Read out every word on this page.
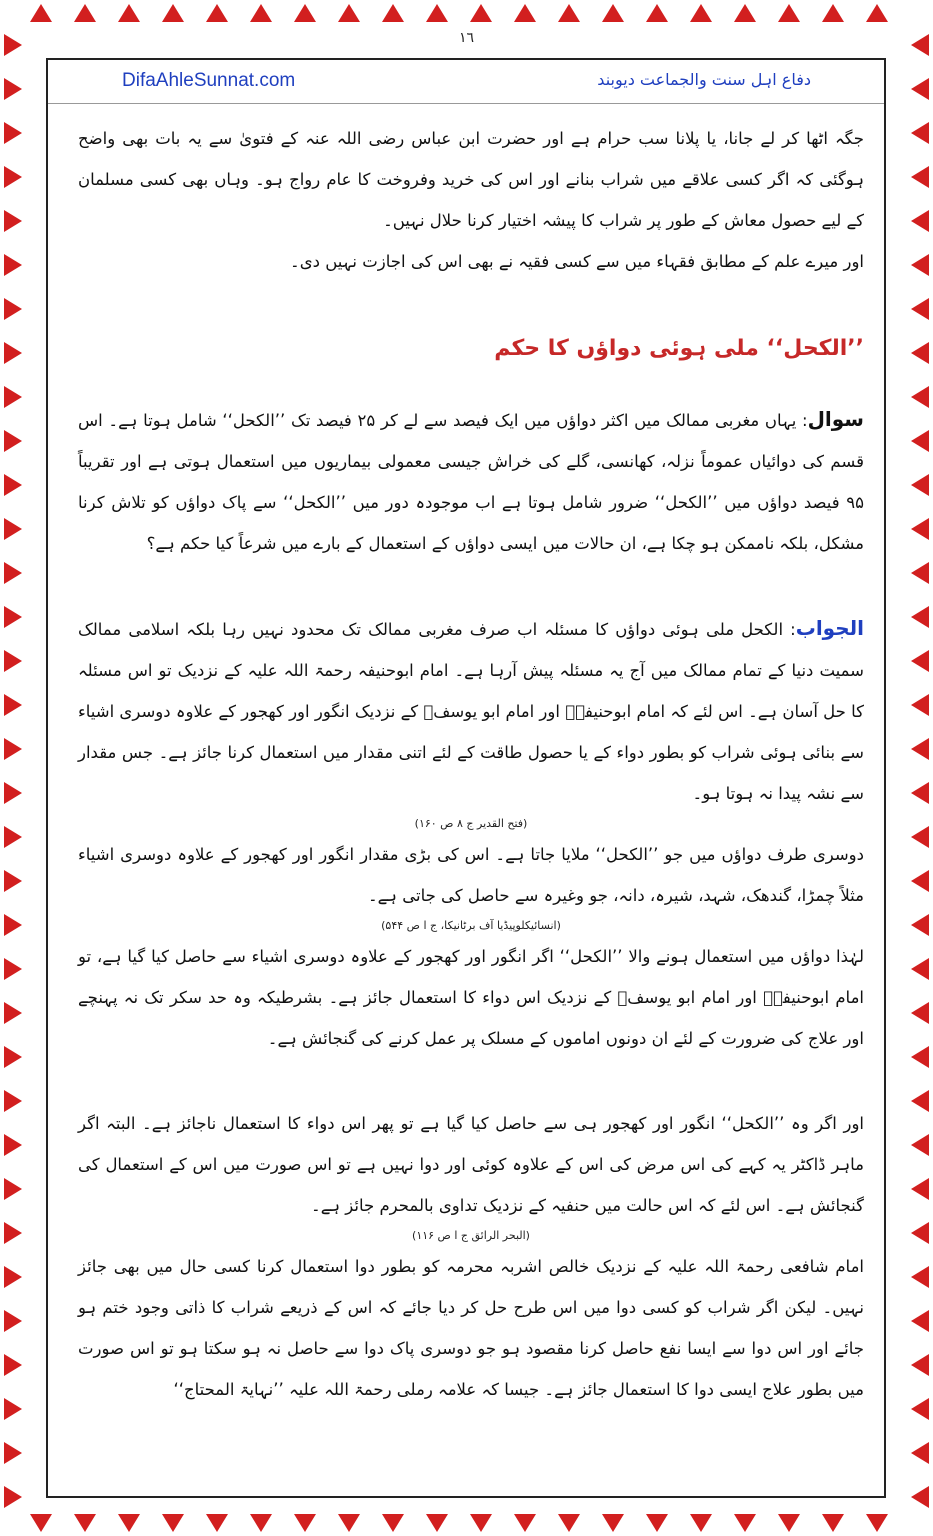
١٦
DifaAhleSunnat.com	دفاع اہل سنت والجماعت دیوبند

جگہ اٹھا کر لے جانا، یا پلانا سب حرام ہے اور حضرت ابن عباس رضی اللہ عنہ کے فتویٰ سے یہ بات بھی واضح ہوگئی کہ اگر کسی علاقے میں شراب بنانے اور اس کی خرید وفروخت کا عام رواج ہو۔ وہاں بھی کسی مسلمان کے لیے حصول معاش کے طور پر شراب کا پیشہ اختیار کرنا حلال نہیں۔

اور میرے علم کے مطابق فقہاء میں سے کسی فقیہ نے بھی اس کی اجازت نہیں دی۔

’’الکحل‘‘ ملی ہوئی دواؤں کا حکم

سوال: یہاں مغربی ممالک میں اکثر دواؤں میں ایک فیصد سے لے کر ۲۵ فیصد تک ’’الکحل‘‘ شامل ہوتا ہے۔ اس قسم کی دوائیاں عموماً نزلہ، کھانسی، گلے کی خراش جیسی معمولی بیماریوں میں استعمال ہوتی ہے اور تقریباً ۹۵ فیصد دواؤں میں ’’الکحل‘‘ ضرور شامل ہوتا ہے اب موجودہ دور میں ’’الکحل‘‘ سے پاک دواؤں کو تلاش کرنا مشکل، بلکہ ناممکن ہو چکا ہے، ان حالات میں ایسی دواؤں کے استعمال کے بارے میں شرعاً کیا حکم ہے؟

الجواب: الکحل ملی ہوئی دواؤں کا مسئلہ اب صرف مغربی ممالک تک محدود نہیں رہا بلکہ اسلامی ممالک سمیت دنیا کے تمام ممالک میں آج یہ مسئلہ پیش آرہا ہے۔ امام ابوحنیفہ رحمۃ اللہ علیہ کے نزدیک تو اس مسئلہ کا حل آسان ہے۔ اس لئے کہ امام ابوحنیفہؒ اور امام ابو یوسفؒ کے نزدیک انگور اور کھجور کے علاوہ دوسری اشیاء سے بنائی ہوئی شراب کو بطور دواء کے یا حصول طاقت کے لئے اتنی مقدار میں استعمال کرنا جائز ہے۔ جس مقدار سے نشہ پیدا نہ ہوتا ہو۔

(فتح القدیر ج ۸ ص ۱۶۰)

دوسری طرف دواؤں میں جو ’’الکحل‘‘ ملایا جاتا ہے۔ اس کی بڑی مقدار انگور اور کھجور کے علاوہ دوسری اشیاء مثلاً چمڑا، گندھک، شہد، شیرہ، دانہ، جو وغیرہ سے حاصل کی جاتی ہے۔

(انسائیکلوپیڈیا آف برٹانیکا، ج ا ص ۵۴۴)

لہٰذا دواؤں میں استعمال ہونے والا ’’الکحل‘‘ اگر انگور اور کھجور کے علاوہ دوسری اشیاء سے حاصل کیا گیا ہے، تو امام ابوحنیفہؒ اور امام ابو یوسفؒ کے نزدیک اس دواء کا استعمال جائز ہے۔ بشرطیکہ وہ حد سکر تک نہ پہنچے اور علاج کی ضرورت کے لئے ان دونوں اماموں کے مسلک پر عمل کرنے کی گنجائش ہے۔

اور اگر وہ ’’الکحل‘‘ انگور اور کھجور ہی سے حاصل کیا گیا ہے تو پھر اس دواء کا استعمال ناجائز ہے۔ البتہ اگر ماہر ڈاکٹر یہ کہے کی اس مرض کی اس کے علاوہ کوئی اور دوا نہیں ہے تو اس صورت میں اس کے استعمال کی گنجائش ہے۔ اس لئے کہ اس حالت میں حنفیہ کے نزدیک تداوی بالمحرم جائز ہے۔

(البحر الرائق ج ا ص ۱۱۶)

امام شافعی رحمۃ اللہ علیہ کے نزدیک خالص اشربہ محرمہ کو بطور دوا استعمال کرنا کسی حال میں بھی جائز نہیں۔ لیکن اگر شراب کو کسی دوا میں اس طرح حل کر دیا جائے کہ اس کے ذریعے شراب کا ذاتی وجود ختم ہو جائے اور اس دوا سے ایسا نفع حاصل کرنا مقصود ہو جو دوسری پاک دوا سے حاصل نہ ہو سکتا ہو تو اس صورت میں بطور علاج ایسی دوا کا استعمال جائز ہے۔ جیسا کہ علامہ رملی رحمۃ اللہ علیہ ’’نہایۃ المحتاج‘‘
